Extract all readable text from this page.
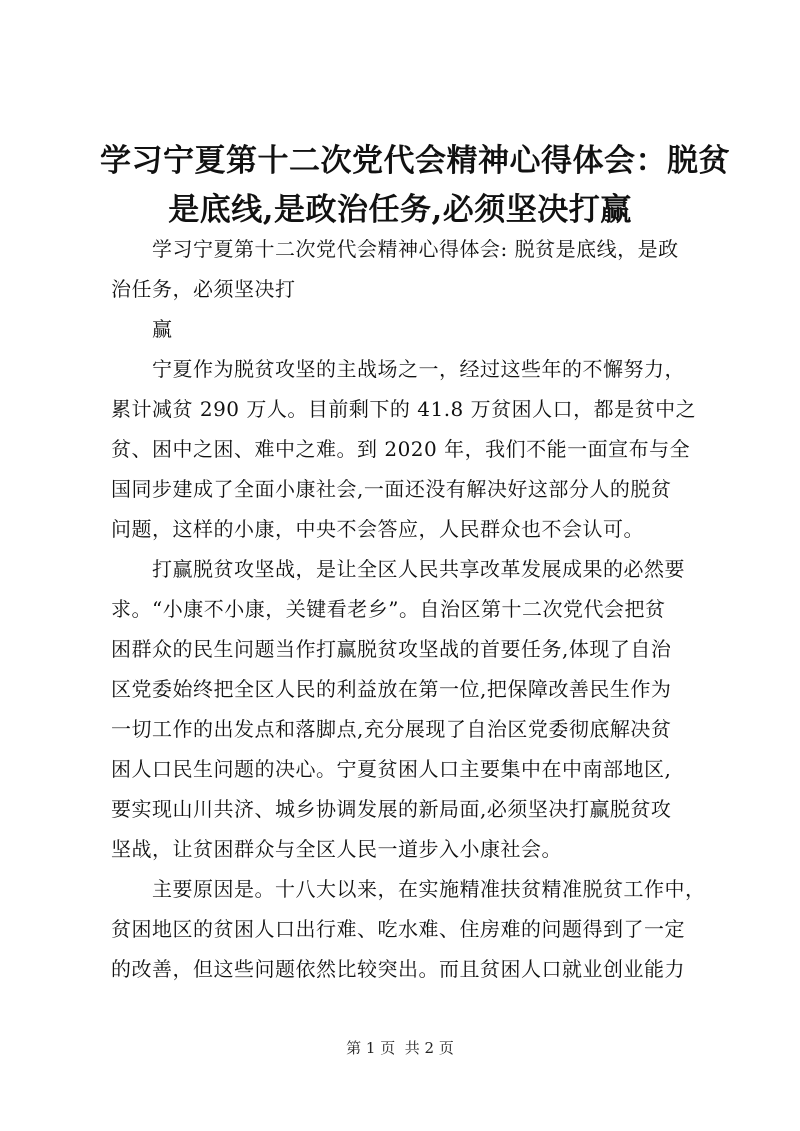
学习宁夏第十二次党代会精神心得体会：脱贫
是底线,是政治任务,必须坚决打赢
　　学习宁夏第十二次党代会精神心得体会: 脱贫是底线，是政
治任务，必须坚决打
　　赢
　　宁夏作为脱贫攻坚的主战场之一，经过这些年的不懈努力，
累计减贫 290 万人。目前剩下的 41.8 万贫困人口，都是贫中之
贫、困中之困、难中之难。到 2020 年，我们不能一面宣布与全
国同步建成了全面小康社会,一面还没有解决好这部分人的脱贫
问题，这样的小康，中央不会答应，人民群众也不会认可。
　　打赢脱贫攻坚战，是让全区人民共享改革发展成果的必然要
求。“小康不小康，关键看老乡”。自治区第十二次党代会把贫
困群众的民生问题当作打赢脱贫攻坚战的首要任务,体现了自治
区党委始终把全区人民的利益放在第一位,把保障改善民生作为
一切工作的出发点和落脚点,充分展现了自治区党委彻底解决贫
困人口民生问题的决心。宁夏贫困人口主要集中在中南部地区,
要实现山川共济、城乡协调发展的新局面,必须坚决打赢脱贫攻
坚战，让贫困群众与全区人民一道步入小康社会。
　　主要原因是。十八大以来，在实施精准扶贫精准脱贫工作中，
贫困地区的贫困人口出行难、吃水难、住房难的问题得到了一定
的改善，但这些问题依然比较突出。而且贫困人口就业创业能力
第 1 页  共 2 页
